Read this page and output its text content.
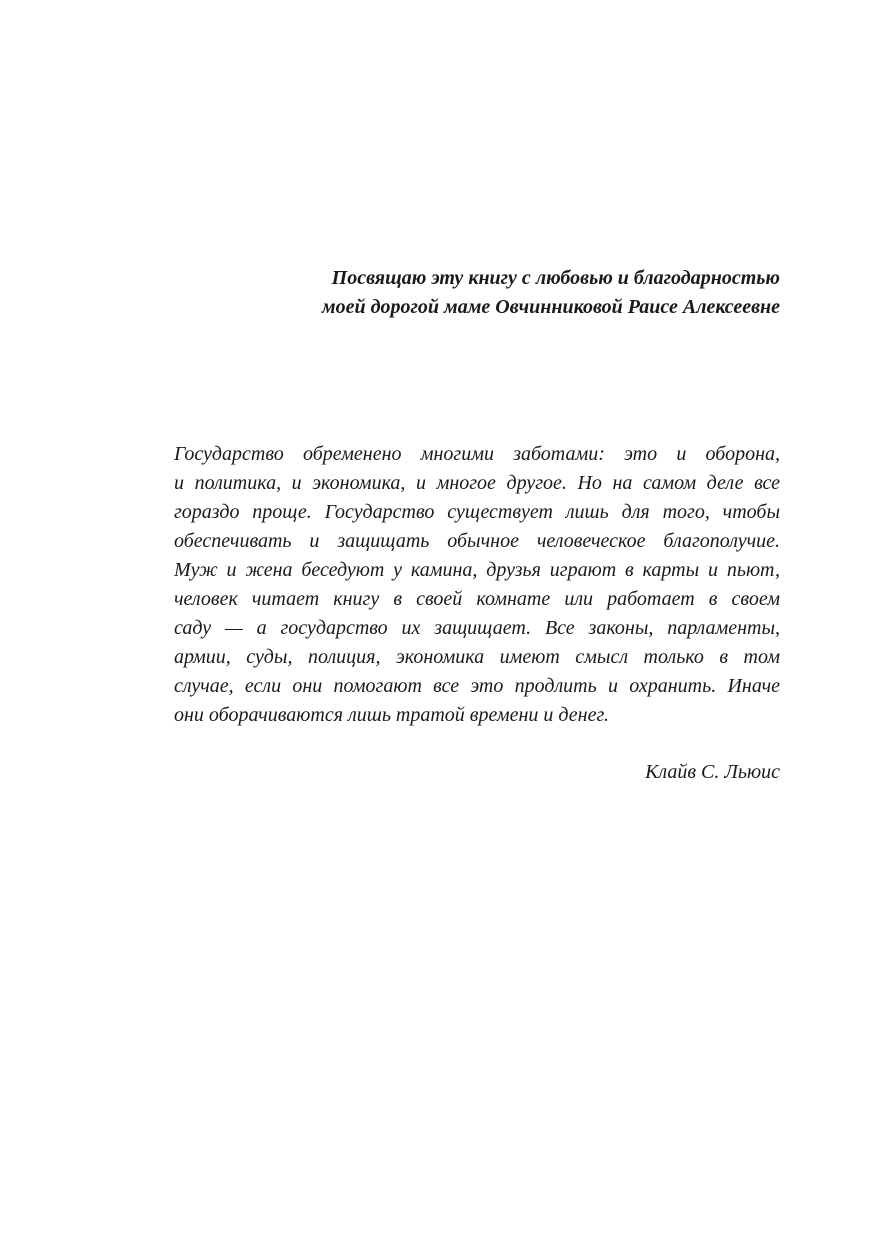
Посвящаю эту книгу с любовью и благодарностью
моей дорогой маме Овчинниковой Раисе Алексеевне
Государство обременено многими заботами: это и оборона,
и политика, и экономика, и многое другое. Но на самом деле все
гораздо проще. Государство существует лишь для того, чтобы
обеспечивать и защищать обычное человеческое благополучие.
Муж и жена беседуют у камина, друзья играют в карты и пьют,
человек читает книгу в своей комнате или работает в своем
саду — а государство их защищает. Все законы, парламенты,
армии, суды, полиция, экономика имеют смысл только в том
случае, если они помогают все это продлить и охранить. Иначе
они оборачиваются лишь тратой времени и денег.
Клайв С. Льюис
